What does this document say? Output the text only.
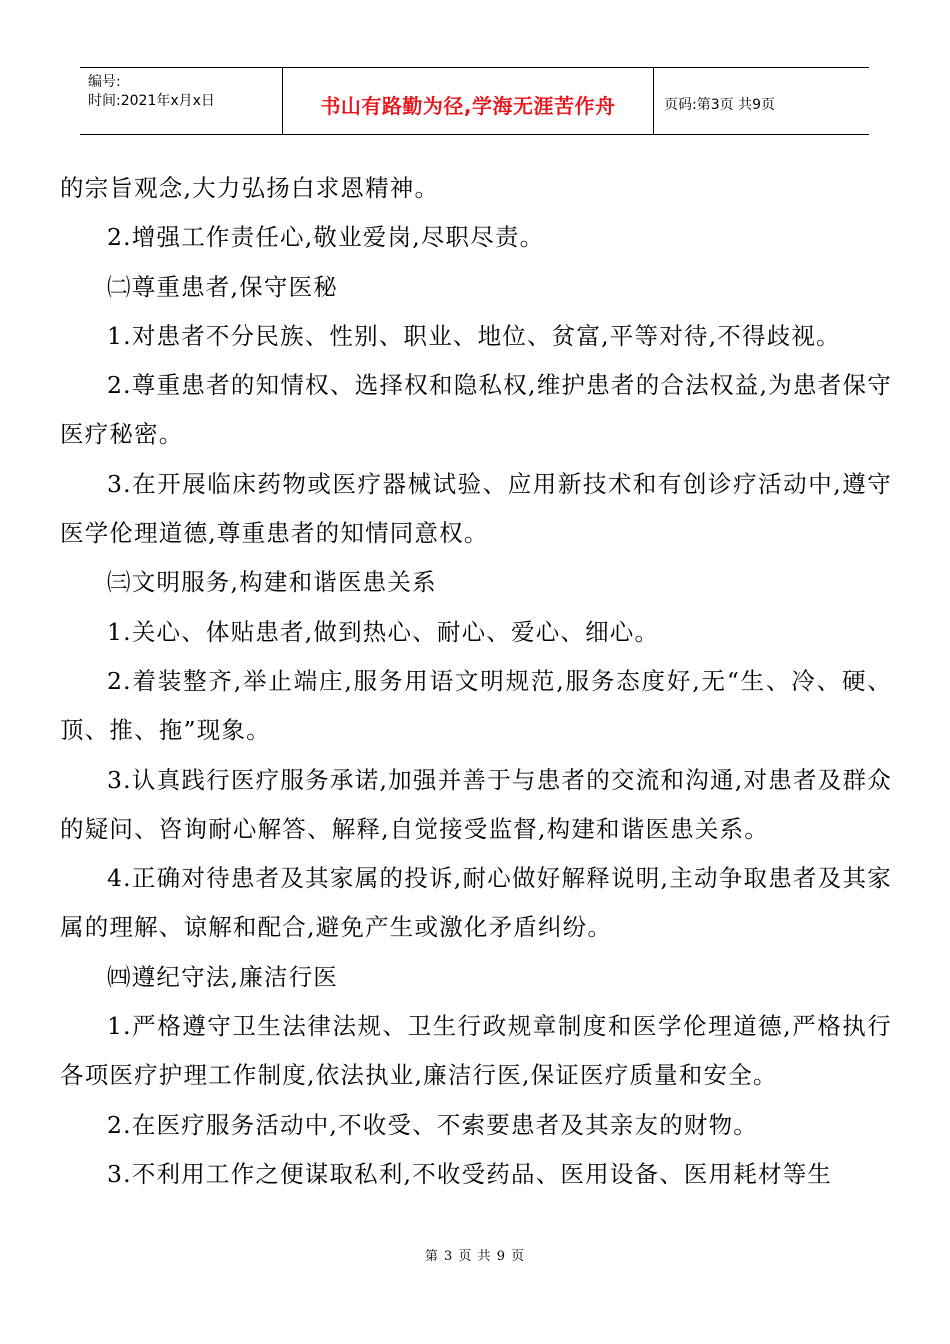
编号:
时间:2021年x月x日	书山有路勤为径,学海无涯苦作舟	页码:第3页 共9页

的宗旨观念,大力弘扬白求恩精神。

2.增强工作责任心,敬业爱岗,尽职尽责。

㈡尊重患者,保守医秘

1.对患者不分民族、性别、职业、地位、贫富,平等对待,不得歧视。

2.尊重患者的知情权、选择权和隐私权,维护患者的合法权益,为患者保守医疗秘密。

3.在开展临床药物或医疗器械试验、应用新技术和有创诊疗活动中,遵守医学伦理道德,尊重患者的知情同意权。

㈢文明服务,构建和谐医患关系

1.关心、体贴患者,做到热心、耐心、爱心、细心。

2.着装整齐,举止端庄,服务用语文明规范,服务态度好,无“生、冷、硬、顶、推、拖”现象。

3.认真践行医疗服务承诺,加强并善于与患者的交流和沟通,对患者及群众的疑问、咨询耐心解答、解释,自觉接受监督,构建和谐医患关系。

4.正确对待患者及其家属的投诉,耐心做好解释说明,主动争取患者及其家属的理解、谅解和配合,避免产生或激化矛盾纠纷。

㈣遵纪守法,廉洁行医

1.严格遵守卫生法律法规、卫生行政规章制度和医学伦理道德,严格执行各项医疗护理工作制度,依法执业,廉洁行医,保证医疗质量和安全。

2.在医疗服务活动中,不收受、不索要患者及其亲友的财物。

3.不利用工作之便谋取私利,不收受药品、医用设备、医用耗材等生

第 3 页 共 9 页
